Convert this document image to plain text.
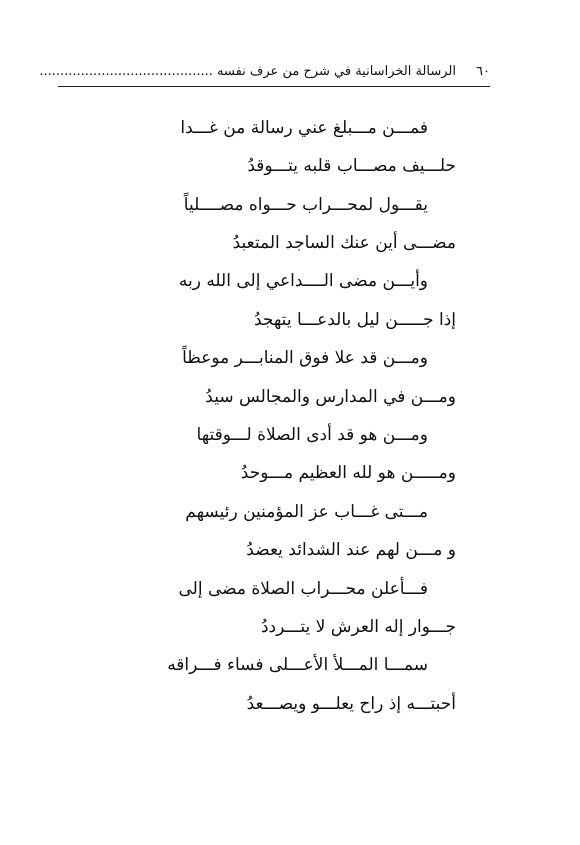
٦٠
الرسالة الخراسانية في شرح من عرف نفسه ..........................................
فمـــن مـــبلغ عني رسالة من غـــدا
حلـــيف مصـــاب قلبه يتـــوقدُ
يقـــول لمحـــراب حـــواه مصــــلياً
مضـــى أين عنك الساجد المتعبدُ
وأيـــن مضى الــــداعي إلى الله ربه
إذا جـــــن ليل بالدعـــا يتهجدُ
ومـــن قد علا فوق المنابـــر موعظاً
ومـــن في المدارس والمجالس سيدُ
ومـــن هو قد أدى الصلاة لـــوقتها
ومـــــن هو لله العظيم مـــوحدُ
مـــتى غـــاب عز المؤمنين رئيسهم
و مـــن لهم عند الشدائد يعضدُ
فـــأعلن محـــراب الصلاة مضى إلى
جـــوار إله العرش لا يتـــرددُ
سمـــا المـــلأ الأعـــلى فساء فـــراقه
أحبتـــه إذ راح يعلـــو ويصـــعدُ
